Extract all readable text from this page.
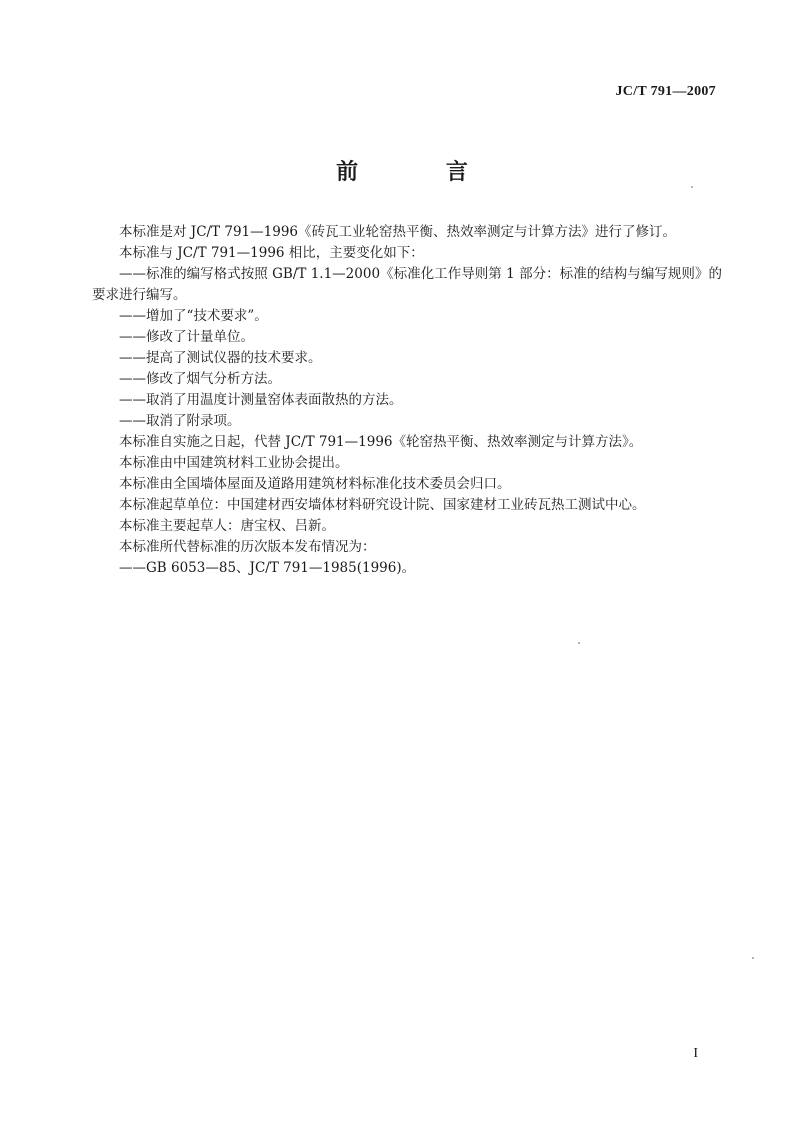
JC/T 791—2007
前 言

本标准是对 JC/T 791—1996《砖瓦工业轮窑热平衡、热效率测定与计算方法》进行了修订。

本标准与 JC/T 791—1996 相比，主要变化如下：

——标准的编写格式按照 GB/T 1.1—2000《标准化工作导则第 1 部分：标准的结构与编写规则》的要求进行编写。

——增加了“技术要求”。

——修改了计量单位。

——提高了测试仪器的技术要求。

——修改了烟气分析方法。

——取消了用温度计测量窑体表面散热的方法。

——取消了附录项。

本标准自实施之日起，代替 JC/T 791—1996《轮窑热平衡、热效率测定与计算方法》。

本标准由中国建筑材料工业协会提出。

本标准由全国墙体屋面及道路用建筑材料标准化技术委员会归口。

本标准起草单位：中国建材西安墙体材料研究设计院、国家建材工业砖瓦热工测试中心。

本标准主要起草人：唐宝权、吕新。

本标准所代替标准的历次版本发布情况为：

——GB 6053—85、JC/T 791—1985(1996)。

I
